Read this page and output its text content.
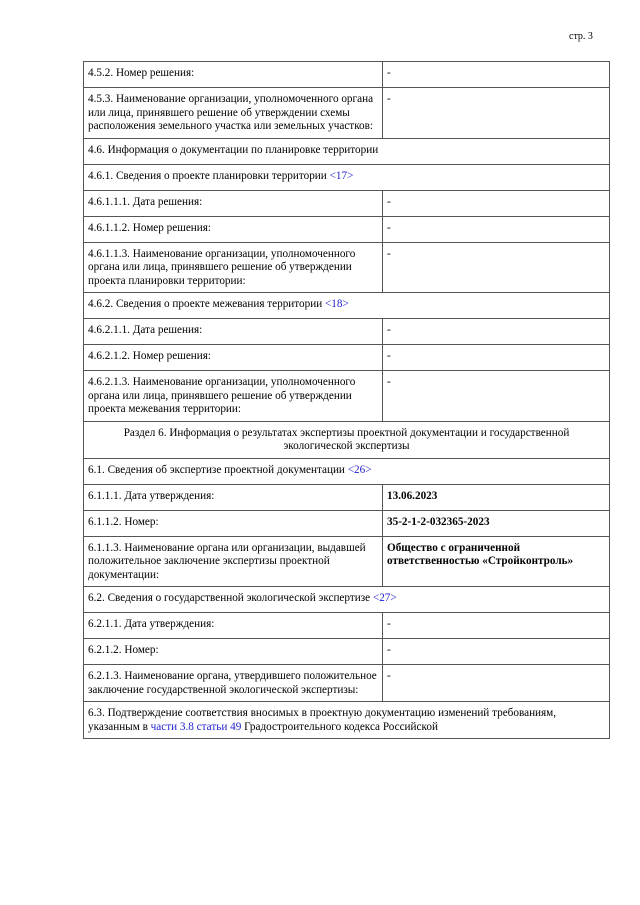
стр. 3
4.5.2. Номер решения:	-
4.5.3. Наименование организации, уполномоченного органа или лица, принявшего решение об утверждении схемы расположения земельного участка или земельных участков:	-
4.6. Информация о документации по планировке территории	
4.6.1. Сведения о проекте планировки территории <17>	
4.6.1.1.1. Дата решения:	-
4.6.1.1.2. Номер решения:	-
4.6.1.1.3. Наименование организации, уполномоченного органа или лица, принявшего решение об утверждении проекта планировки территории:	-
4.6.2. Сведения о проекте межевания территории <18>	
4.6.2.1.1. Дата решения:	-
4.6.2.1.2. Номер решения:	-
4.6.2.1.3. Наименование организации, уполномоченного органа или лица, принявшего решение об утверждении проекта межевания территории:	-
Раздел 6. Информация о результатах экспертизы проектной документации и государственной экологической экспертизы	
6.1. Сведения об экспертизе проектной документации <26>	
6.1.1.1. Дата утверждения:	13.06.2023
6.1.1.2. Номер:	35-2-1-2-032365-2023
6.1.1.3. Наименование органа или организации, выдавшей положительное заключение экспертизы проектной документации:	Общество с ограниченной ответственностью «Стройконтроль»
6.2. Сведения о государственной экологической экспертизе <27>	
6.2.1.1. Дата утверждения:	-
6.2.1.2. Номер:	-
6.2.1.3. Наименование органа, утвердившего положительное заключение государственной экологической экспертизы:	-
6.3. Подтверждение соответствия вносимых в проектную документацию изменений требованиям, указанным в части 3.8 статьи 49 Градостроительного кодекса Российской	
